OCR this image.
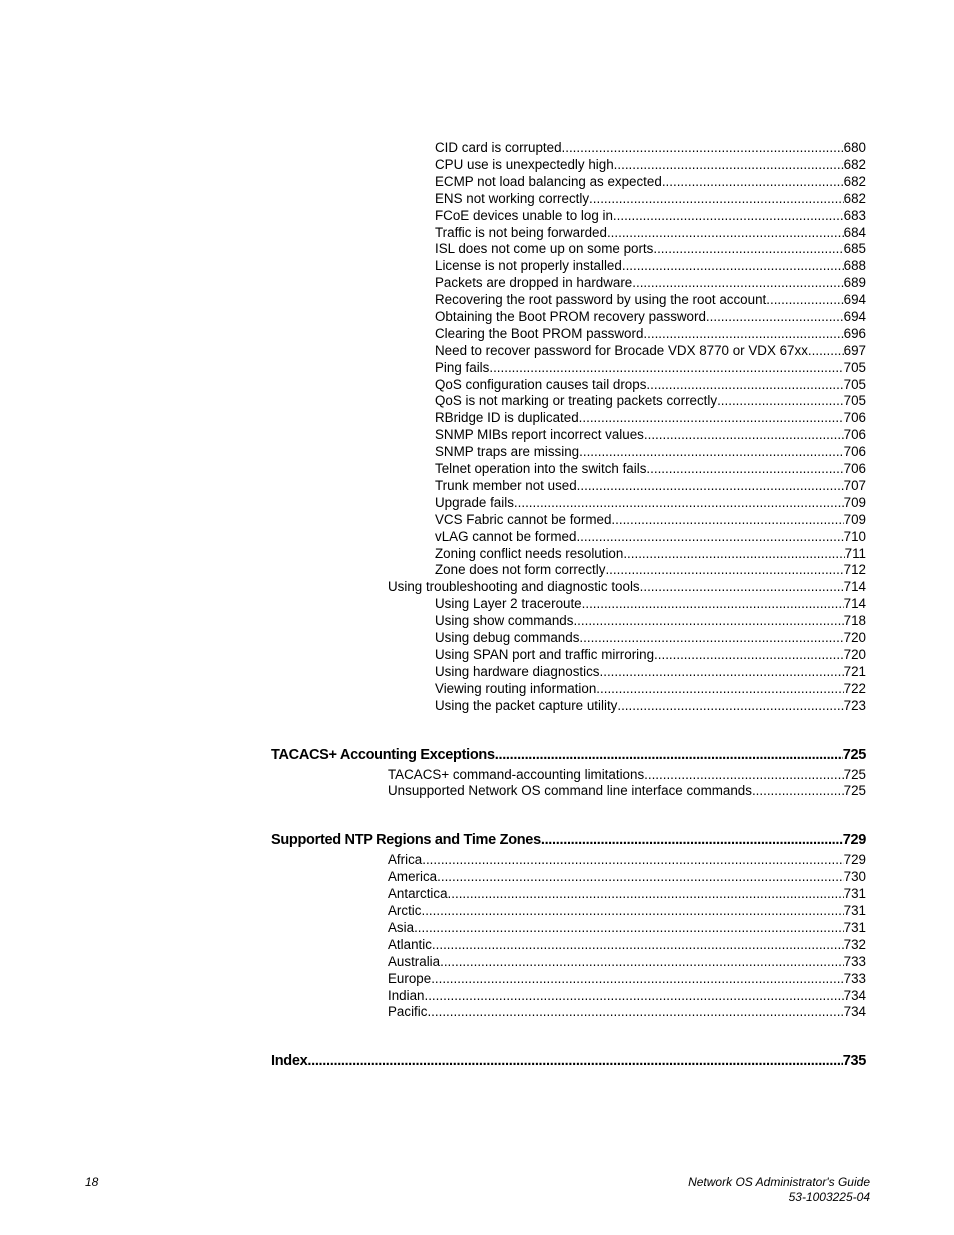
CID card is corrupted .....	680
CPU use is unexpectedly high .....	682
ECMP not load balancing as expected .....	682
ENS not working correctly .....	682
FCoE devices unable to log in .....	683
Traffic is not being forwarded .....	684
ISL does not come up on some ports .....	685
License is not properly installed .....	688
Packets are dropped in hardware .....	689
Recovering the root password by using the root account .....	694
Obtaining the Boot PROM recovery password .....	694
Clearing the Boot PROM password .....	696
Need to recover password for Brocade VDX 8770 or VDX 67xx .....	697
Ping fails .....	705
QoS configuration causes tail drops .....	705
QoS is not marking or treating packets correctly .....	705
RBridge ID is duplicated .....	706
SNMP MIBs report incorrect values .....	706
SNMP traps are missing .....	706
Telnet operation into the switch fails .....	706
Trunk member not used .....	707
Upgrade fails .....	709
VCS Fabric cannot be formed .....	709
vLAG cannot be formed .....	710
Zoning conflict needs resolution .....	711
Zone does not form correctly .....	712
Using troubleshooting and diagnostic tools .....	714
Using Layer 2 traceroute .....	714
Using show commands .....	718
Using debug commands .....	720
Using SPAN port and traffic mirroring .....	720
Using hardware diagnostics .....	721
Viewing routing information .....	722
Using the packet capture utility .....	723
TACACS+ Accounting Exceptions .....	725
TACACS+ command-accounting limitations .....	725
Unsupported Network OS command line interface commands .....	725
Supported NTP Regions and Time Zones .....	729
Africa .....	729
America .....	730
Antarctica .....	731
Arctic .....	731
Asia .....	731
Atlantic .....	732
Australia .....	733
Europe .....	733
Indian .....	734
Pacific .....	734
Index .....	735
18	Network OS Administrator's Guide
53-1003225-04
